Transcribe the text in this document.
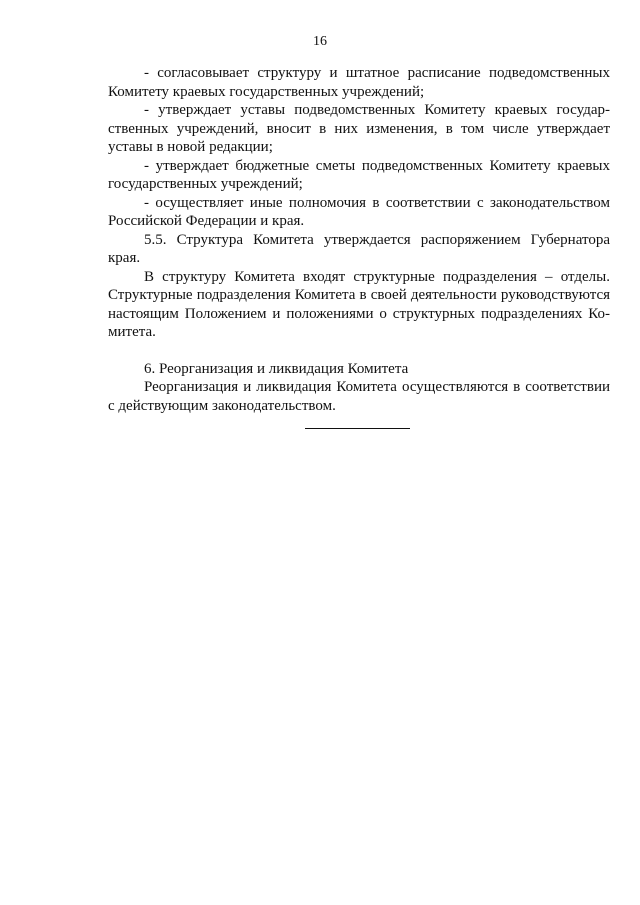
16

- согласовывает структуру и штатное расписание подведомственных Комитету краевых государственных учреждений;

- утверждает уставы подведомственных Комитету краевых государственных учреждений, вносит в них изменения, в том числе утверждает уставы в новой редакции;

- утверждает бюджетные сметы подведомственных Комитету краевых государственных учреждений;

- осуществляет иные полномочия в соответствии с законодательством Российской Федерации и края.

5.5. Структура Комитета утверждается распоряжением Губернатора края.

В структуру Комитета входят структурные подразделения – отделы. Структурные подразделения Комитета в своей деятельности руководствуются настоящим Положением и положениями о структурных подразделениях Комитета.

6. Реорганизация и ликвидация Комитета

Реорганизация и ликвидация Комитета осуществляются в соответствии с действующим законодательством.
